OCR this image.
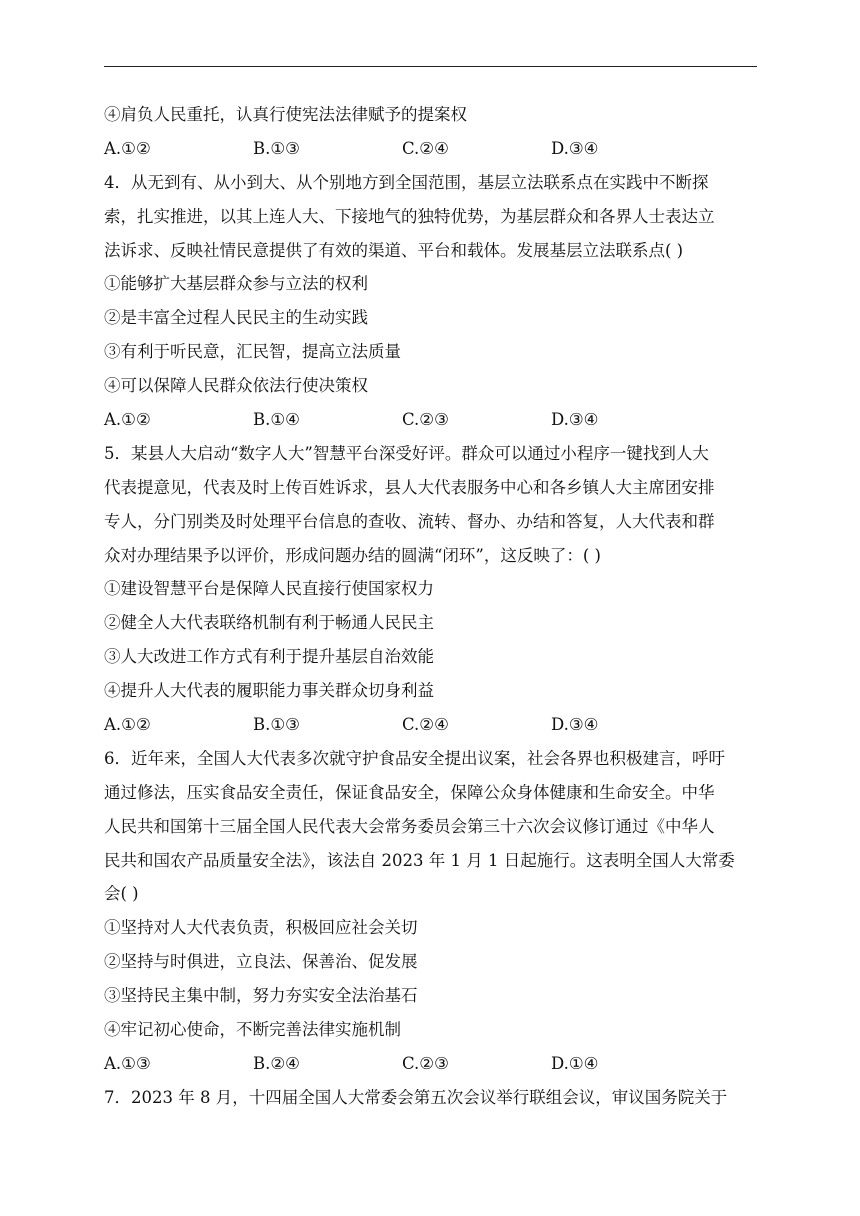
④肩负人民重托，认真行使宪法法律赋予的提案权
A.①②	B.①③	C.②④	D.③④
4．从无到有、从小到大、从个别地方到全国范围，基层立法联系点在实践中不断探
索，扎实推进，以其上连人大、下接地气的独特优势，为基层群众和各界人士表达立
法诉求、反映社情民意提供了有效的渠道、平台和载体。发展基层立法联系点( )
①能够扩大基层群众参与立法的权利
②是丰富全过程人民民主的生动实践
③有利于听民意，汇民智，提高立法质量
④可以保障人民群众依法行使决策权
A.①②	B.①④	C.②③	D.③④
5．某县人大启动“数字人大”智慧平台深受好评。群众可以通过小程序一键找到人大
代表提意见，代表及时上传百姓诉求，县人大代表服务中心和各乡镇人大主席团安排
专人，分门别类及时处理平台信息的查收、流转、督办、办结和答复，人大代表和群
众对办理结果予以评价，形成问题办结的圆满“闭环”，这反映了：( )
①建设智慧平台是保障人民直接行使国家权力
②健全人大代表联络机制有利于畅通人民民主
③人大改进工作方式有利于提升基层自治效能
④提升人大代表的履职能力事关群众切身利益
A.①②	B.①③	C.②④	D.③④
6．近年来，全国人大代表多次就守护食品安全提出议案，社会各界也积极建言，呼吁
通过修法，压实食品安全责任，保证食品安全，保障公众身体健康和生命安全。中华
人民共和国第十三届全国人民代表大会常务委员会第三十六次会议修订通过《中华人
民共和国农产品质量安全法》，该法自 2023 年 1 月 1 日起施行。这表明全国人大常委
会( )
①坚持对人大代表负责，积极回应社会关切
②坚持与时俱进，立良法、保善治、促发展
③坚持民主集中制，努力夯实安全法治基石
④牢记初心使命，不断完善法律实施机制
A.①③	B.②④	C.②③	D.①④
7．2023 年 8 月，十四届全国人大常委会第五次会议举行联组会议，审议国务院关于
